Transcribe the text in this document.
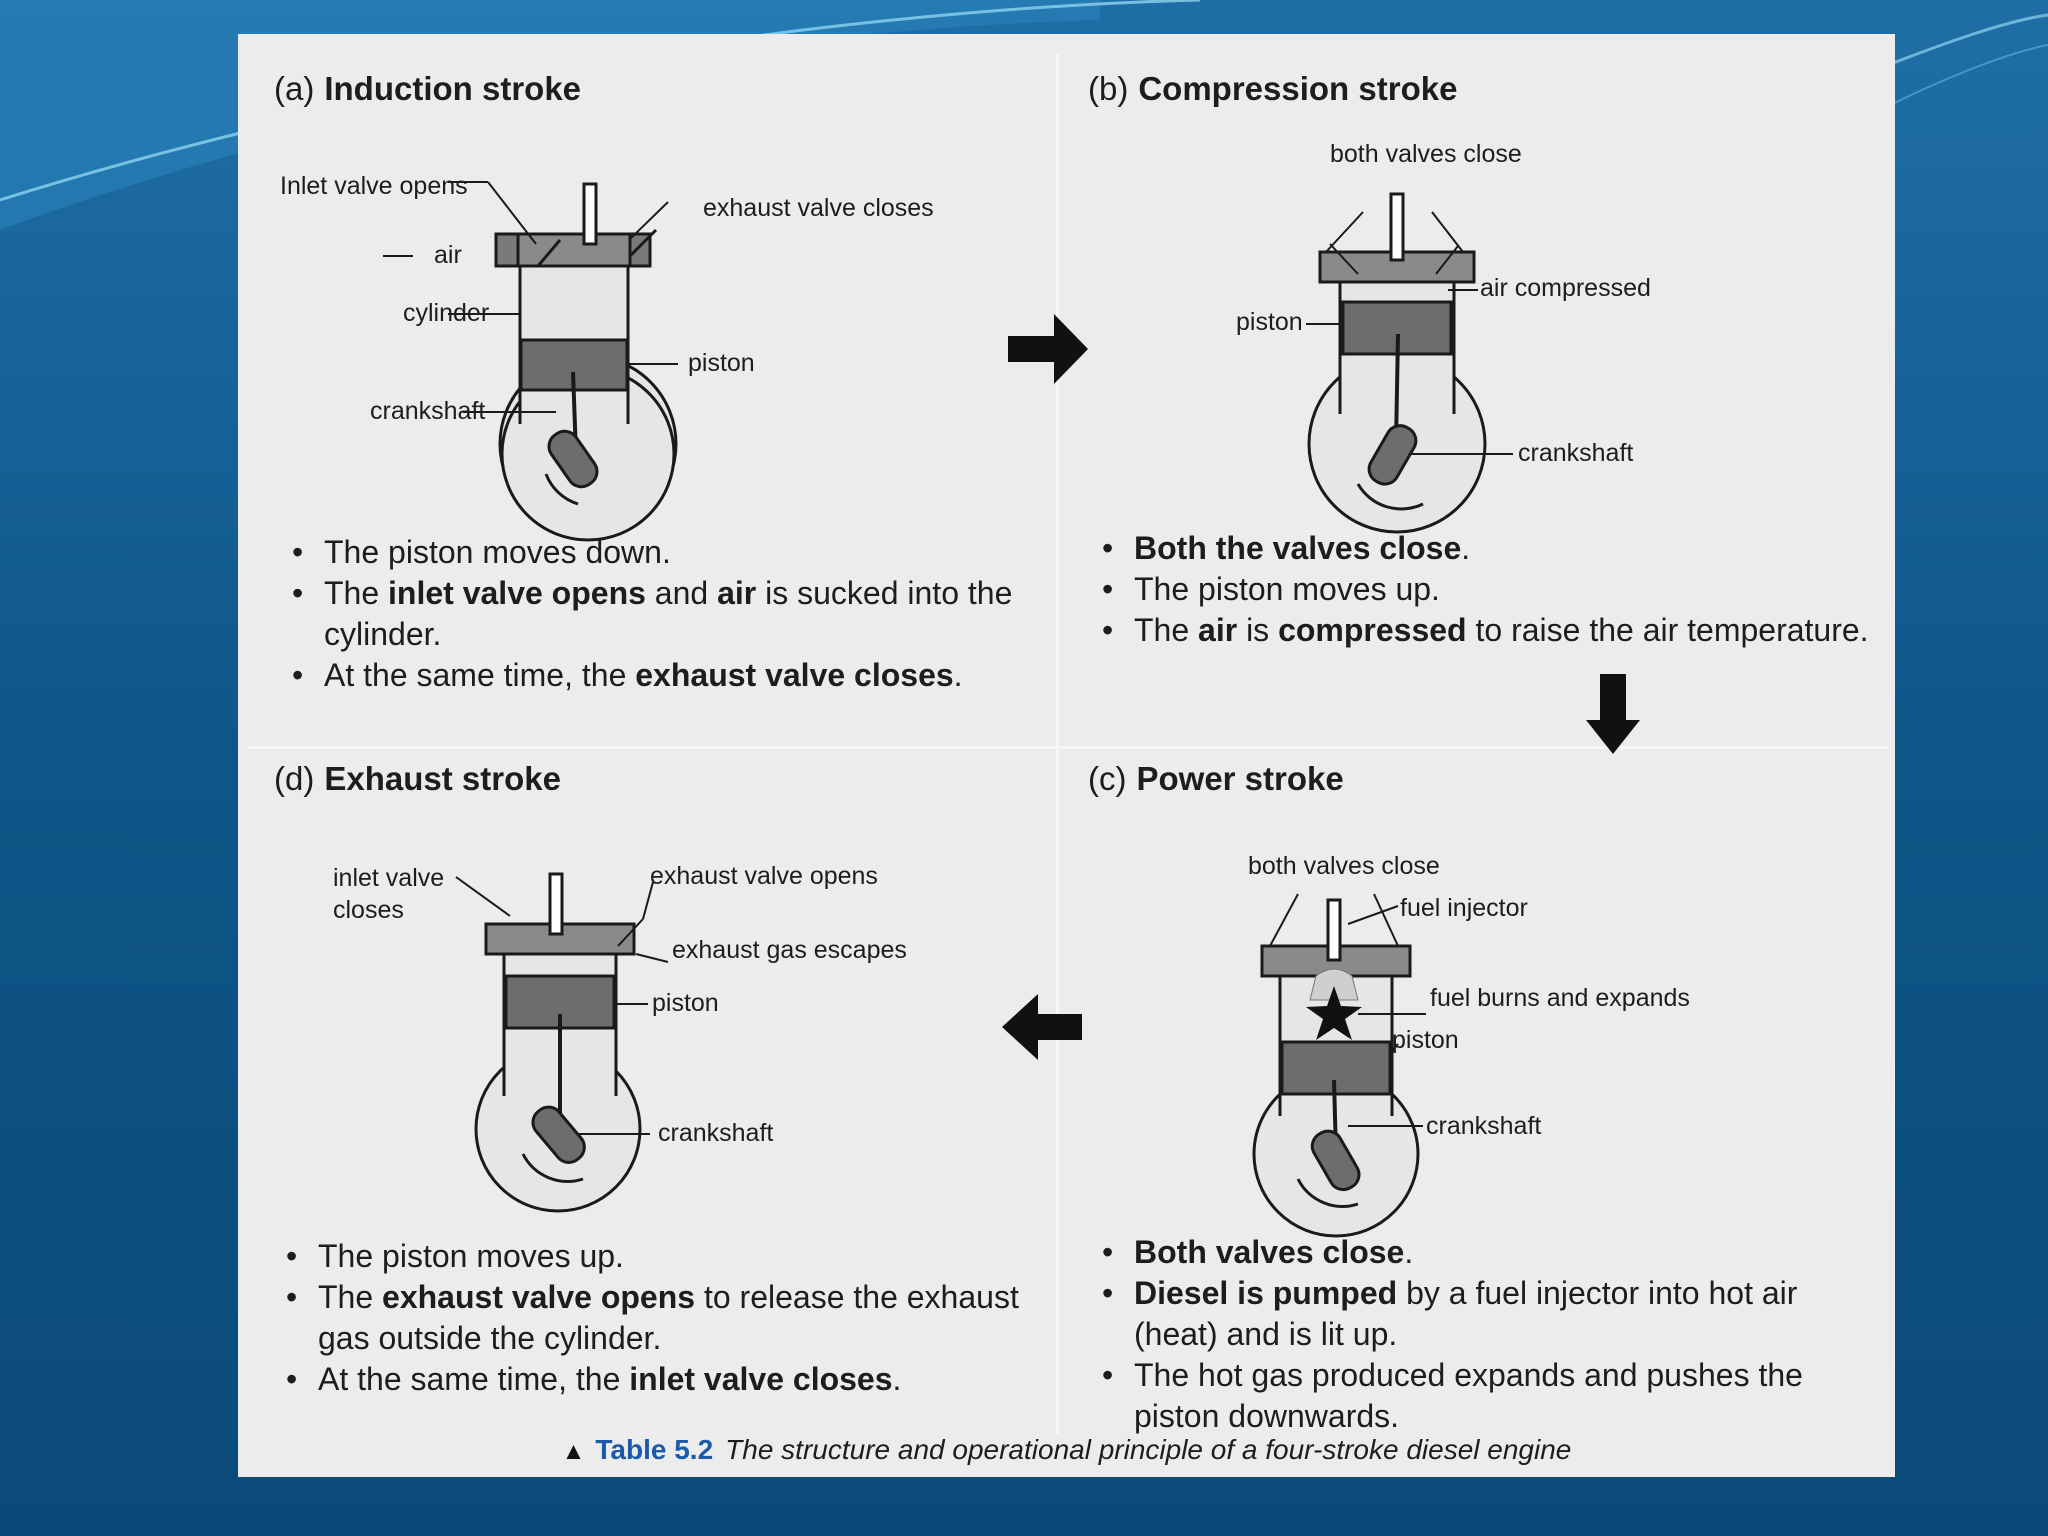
(a) Induction stroke
Inlet valve opens
exhaust valve closes
air
cylinder
piston
crankshaft
• The piston moves down.
• The inlet valve opens and air is sucked into the cylinder.
• At the same time, the exhaust valve closes.
(b) Compression stroke
both valves close
air compressed
piston
crankshaft
• Both the valves close.
• The piston moves up.
• The air is compressed to raise the air temperature.
(d) Exhaust stroke
inlet valve
closes
exhaust valve opens
exhaust gas escapes
piston
crankshaft
• The piston moves up.
• The exhaust valve opens to release the exhaust gas outside the cylinder.
• At the same time, the inlet valve closes.
(c) Power stroke
both valves close
fuel injector
fuel burns and expands
piston
crankshaft
• Both valves close.
• Diesel is pumped by a fuel injector into hot air (heat) and is lit up.
• The hot gas produced expands and pushes the piston downwards.
▲ Table 5.2 The structure and operational principle of a four-stroke diesel engine
